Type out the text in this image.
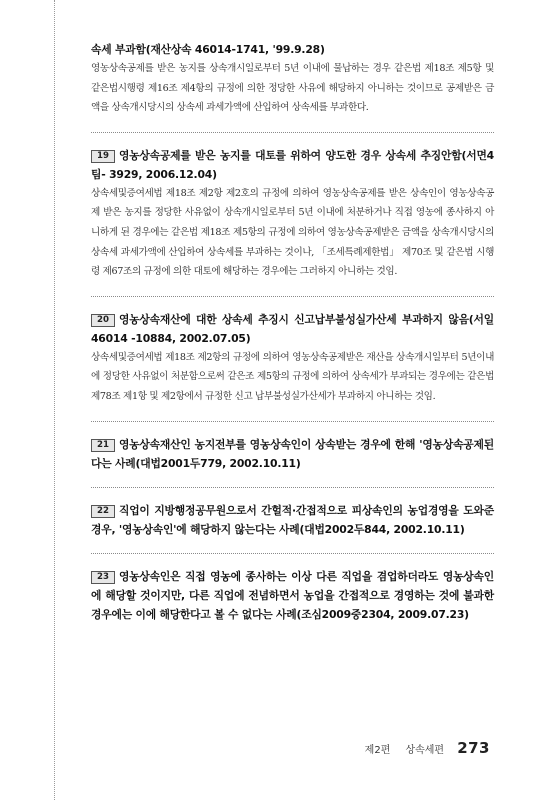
속세 부과함(재산상속 46014-1741, '99.9.28)

영농상속공제를 받은 농지를 상속개시일로부터 5년 이내에 물납하는 경우 같은법 제18조 제5항 및 같은법시행령 제16조 제4항의 규정에 의한 정당한 사유에 해당하지 아니하는 것이므로 공제받은 금액을 상속개시당시의 상속세 과세가액에 산입하여 상속세를 부과한다.

19 영농상속공제를 받은 농지를 대토를 위하여 양도한 경우 상속세 추징안함(서면4팀- 3929, 2006.12.04)

상속세및증여세법 제18조 제2항 제2호의 규정에 의하여 영농상속공제를 받은 상속인이 영농상속공제 받은 농지를 정당한 사유없이 상속개시일로부터 5년 이내에 처분하거나 직접 영농에 종사하지 아니하게 된 경우에는 같은법 제18조 제5항의 규정에 의하여 영농상속공제받은 금액을 상속개시당시의 상속세 과세가액에 산입하여 상속세를 부과하는 것이나, 「조세특례제한법」 제70조 및 같은법 시행령 제67조의 규정에 의한 대토에 해당하는 경우에는 그러하지 아니하는 것임.

20 영농상속재산에 대한 상속세 추징시 신고납부불성실가산세 부과하지 않음(서일46014 -10884, 2002.07.05)

상속세및증여세법 제18조 제2항의 규정에 의하여 영농상속공제받은 재산을 상속개시일부터 5년이내에 정당한 사유없이 처분함으로써 같은조 제5항의 규정에 의하여 상속세가 부과되는 경우에는 같은법 제78조 제1항 및 제2항에서 규정한 신고 납부불성실가산세가 부과하지 아니하는 것임.

21 영농상속재산인 농지전부를 영농상속인이 상속받는 경우에 한해 '영농상속공제된다는 사례(대법2001두779, 2002.10.11)

22 직업이 지방행정공무원으로서 간헐적·간접적으로 피상속인의 농업경영을 도와준 경우, '영농상속인'에 해당하지 않는다는 사례(대법2002두844, 2002.10.11)

23 영농상속인은 직접 영농에 종사하는 이상 다른 직업을 겸업하더라도 영농상속인에 해당할 것이지만, 다른 직업에 전념하면서 농업을 간접적으로 경영하는 것에 불과한 경우에는 이에 해당한다고 볼 수 없다는 사례(조심2009중2304, 2009.07.23)

제2편 상속세편 273
